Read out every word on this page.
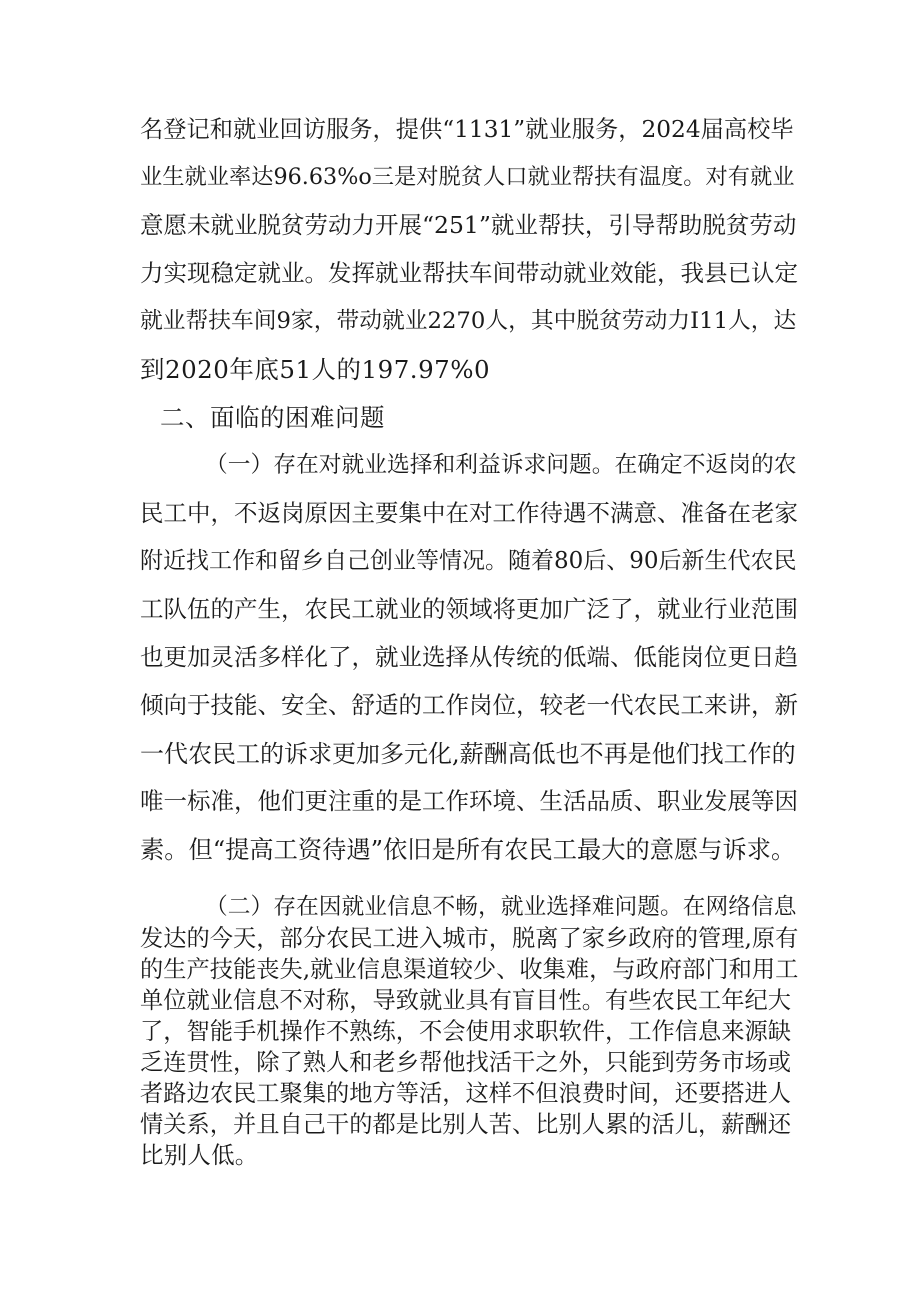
名登记和就业回访服务，提供“1131”就业服务，2024届高校毕
业生就业率达96.63%o三是对脱贫人口就业帮扶有温度。对有就业
意愿未就业脱贫劳动力开展“251”就业帮扶，引导帮助脱贫劳动
力实现稳定就业。发挥就业帮扶车间带动就业效能，我县已认定
就业帮扶车间9家，带动就业2270人，其中脱贫劳动力I11人，达
到2020年底51人的197.97%0
二、面临的困难问题
（一）存在对就业选择和利益诉求问题。在确定不返岗的农
民工中，不返岗原因主要集中在对工作待遇不满意、准备在老家
附近找工作和留乡自己创业等情况。随着80后、90后新生代农民
工队伍的产生，农民工就业的领域将更加广泛了，就业行业范围
也更加灵活多样化了，就业选择从传统的低端、低能岗位更日趋
倾向于技能、安全、舒适的工作岗位，较老一代农民工来讲，新
一代农民工的诉求更加多元化,薪酬高低也不再是他们找工作的
唯一标准，他们更注重的是工作环境、生活品质、职业发展等因
素。但“提高工资待遇”依旧是所有农民工最大的意愿与诉求。
（二）存在因就业信息不畅，就业选择难问题。在网络信息
发达的今天，部分农民工进入城市，脱离了家乡政府的管理,原有
的生产技能丧失,就业信息渠道较少、收集难，与政府部门和用工
单位就业信息不对称，导致就业具有盲目性。有些农民工年纪大
了，智能手机操作不熟练，不会使用求职软件，工作信息来源缺
乏连贯性，除了熟人和老乡帮他找活干之外，只能到劳务市场或
者路边农民工聚集的地方等活，这样不但浪费时间，还要搭进人
情关系，并且自己干的都是比别人苦、比别人累的活儿，薪酬还
比别人低。
